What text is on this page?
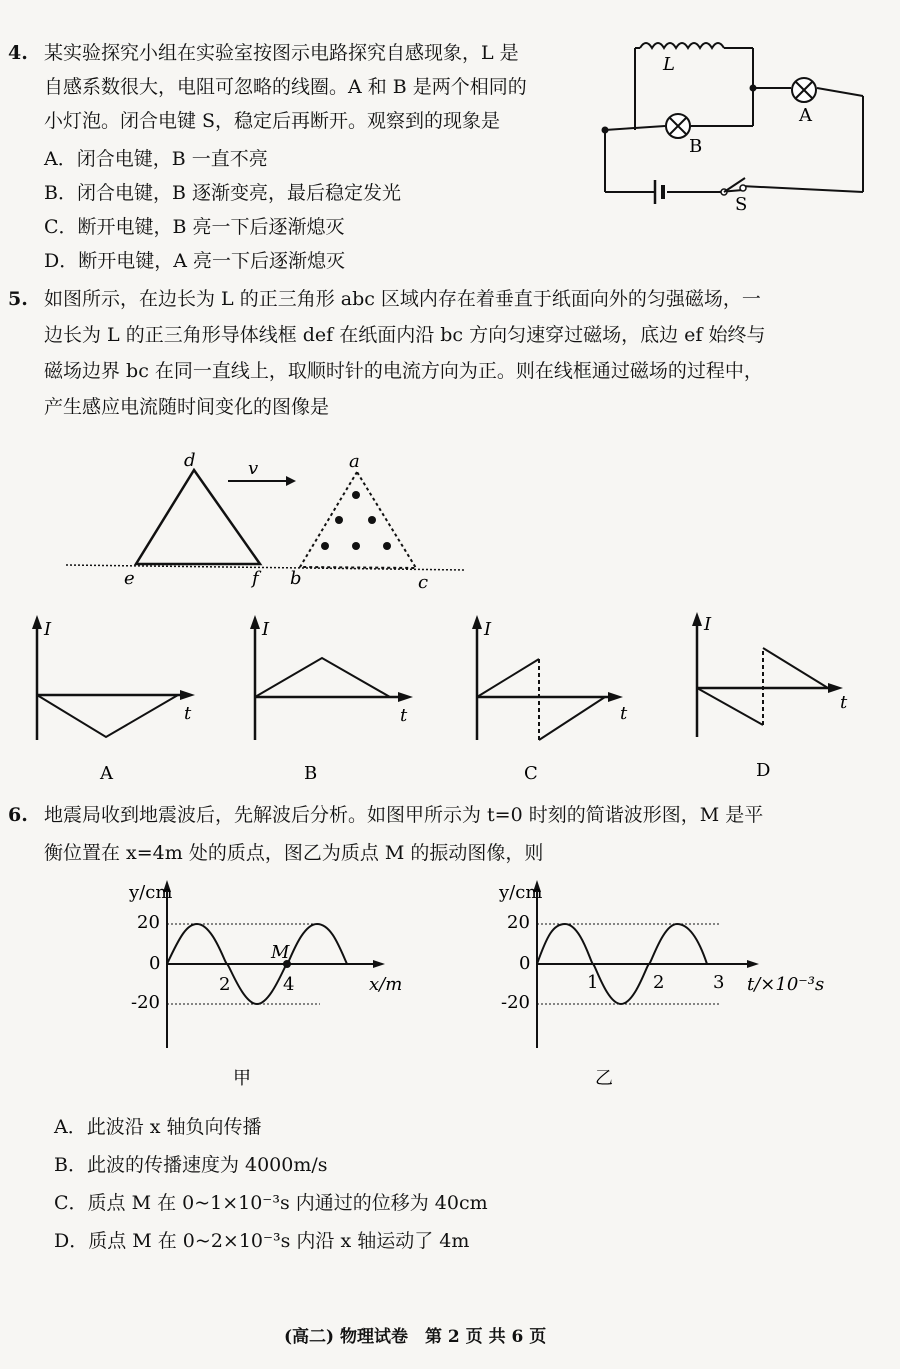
4. 某实验探究小组在实验室按图示电路探究自感现象，L 是
自感系数很大，电阻可忽略的线圈。A 和 B 是两个相同的
小灯泡。闭合电键 S，稳定后再断开。观察到的现象是
A．闭合电键，B 一直不亮
B．闭合电键，B 逐渐变亮，最后稳定发光
C．断开电键，B 亮一下后逐渐熄灭
D．断开电键，A 亮一下后逐渐熄灭
L
A
B
S
5. 如图所示，在边长为 L 的正三角形 abc 区域内存在着垂直于纸面向外的匀强磁场，一
边长为 L 的正三角形导体线框 def 在纸面内沿 bc 方向匀速穿过磁场，底边 ef 始终与
磁场边界 bc 在同一直线上，取顺时针的电流方向为正。则在线框通过磁场的过程中，
产生感应电流随时间变化的图像是
d
e	f
v	a
b	c
I
t
A
I
t
B
I
t
C
I
t
D
6. 地震局收到地震波后，先解波后分析。如图甲所示为 t=0 时刻的简谐波形图，M 是平
衡位置在 x=4m 处的质点，图乙为质点 M 的振动图像，则
y/cm
20
0
-20
2	4
M
x/m
甲
y/cm
20
0
-20
1	2	3 t/×10⁻³s
乙
A．此波沿 x 轴负向传播
B．此波的传播速度为 4000m/s
C．质点 M 在 0~1×10⁻³s 内通过的位移为 40cm
D．质点 M 在 0~2×10⁻³s 内沿 x 轴运动了 4m
(高二) 物理试卷　第 2 页 共 6 页
